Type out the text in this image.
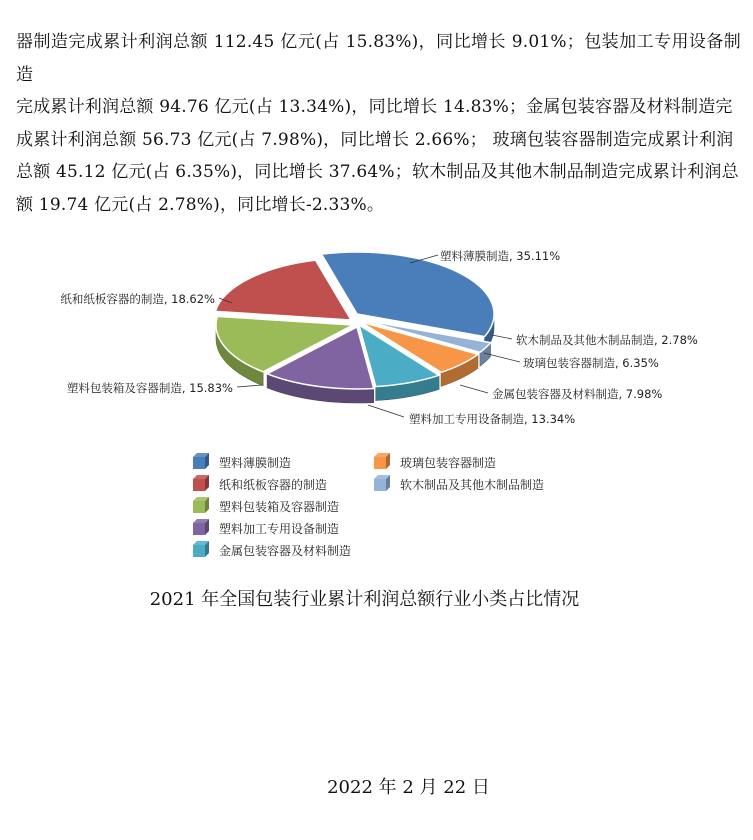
器制造完成累计利润总额 112.45 亿元(占 15.83%)，同比增长 9.01%；包装加工专用设备制造
完成累计利润总额 94.76 亿元(占 13.34%)，同比增长 14.83%；金属包装容器及材料制造完
成累计利润总额 56.73 亿元(占 7.98%)，同比增长 2.66%； 玻璃包装容器制造完成累计利润
总额 45.12 亿元(占 6.35%)，同比增长 37.64%；软木制品及其他木制品制造完成累计利润总
额 19.74 亿元(占 2.78%)，同比增长-2.33%。
塑料薄膜制造, 35.11%
软木制品及其他木制品制造, 2.78%
玻璃包装容器制造, 6.35%
金属包装容器及材料制造, 7.98%
塑料加工专用设备制造, 13.34%
塑料包装箱及容器制造, 15.83%
纸和纸板容器的制造, 18.62%
塑料薄膜制造
纸和纸板容器的制造
塑料包装箱及容器制造
塑料加工专用设备制造
金属包装容器及材料制造
玻璃包装容器制造
软木制品及其他木制品制造
2021 年全国包装行业累计利润总额行业小类占比情况
2022 年 2 月 22 日
